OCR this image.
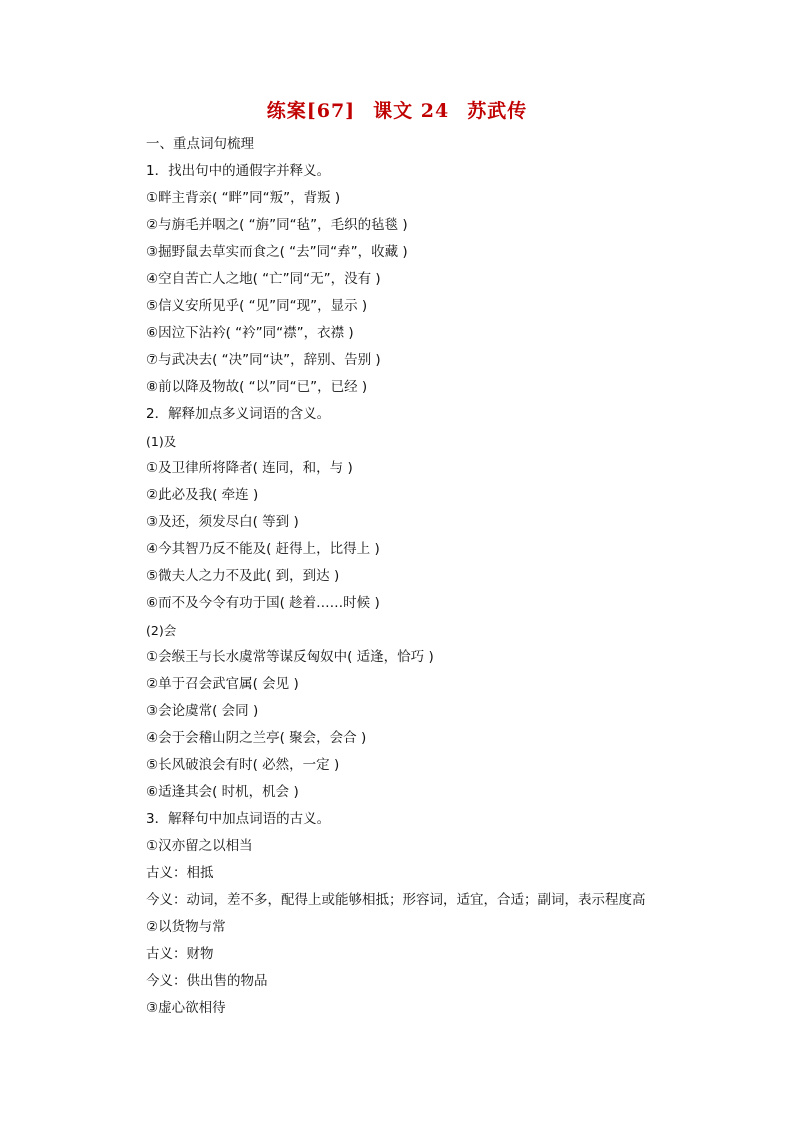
练案[67] 课文 24 苏武传
一、重点词句梳理
1．找出句中的通假字并释义。
①畔主背亲( “畔”同“叛”，背叛 )
②与旃毛并咽之( “旃”同“毡”，毛织的毡毯 )
③掘野鼠去草实而食之( “去”同“弆”，收藏 )
④空自苦亡人之地( “亡”同“无”，没有 )
⑤信义安所见乎( “见”同“现”，显示 )
⑥因泣下沾衿( “衿”同“襟”，衣襟 )
⑦与武决去( “决”同“诀”，辞别、告别 )
⑧前以降及物故( “以”同“已”，已经 )
2．解释加点多义词语的含义。
(1)及
①及卫律所将降者( 连同，和，与 )
②此必及我( 牵连 )
③及还，须发尽白( 等到 )
④今其智乃反不能及( 赶得上，比得上 )
⑤微夫人之力不及此( 到，到达 )
⑥而不及今令有功于国( 趁着……时候 )
(2)会
①会缑王与长水虞常等谋反匈奴中( 适逢，恰巧 )
②单于召会武官属( 会见 )
③会论虞常( 会同 )
④会于会稽山阴之兰亭( 聚会，会合 )
⑤长风破浪会有时( 必然，一定 )
⑥适逢其会( 时机，机会 )
3．解释句中加点词语的古义。
①汉亦留之以相当
古义：相抵
今义：动词，差不多，配得上或能够相抵；形容词，适宜，合适；副词，表示程度高
②以货物与常
古义：财物
今义：供出售的物品
③虚心欲相待
